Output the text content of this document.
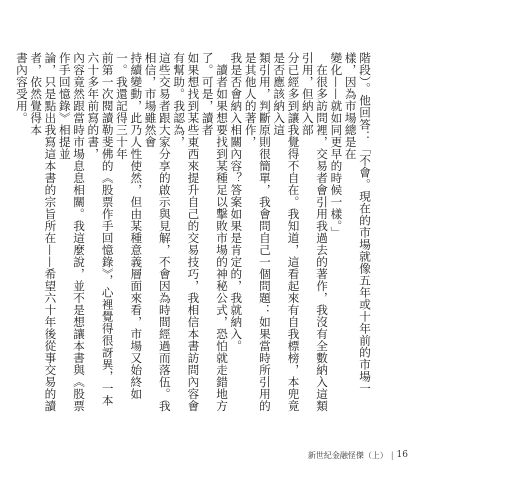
階段）。他回答：「不會。現在的市場就像五年或十年前的市場一樣，因為市場總是在

變化——就如同更早的時候一樣。」

　在很多訪問裡，交易者會引用我過去的著作，我沒有全數納入這類引用，但納入部

分已經多到讓我覺得不自在。我知道，這看起來有自我標榜，本兜竟是否應該納入這

類引用，判斷原則很簡單，我會問自己一個問題：如果當時所引用的是其他人的著作，

我是否會納入相關內容？答案如果是肯定的，我就納入。

　讀者如果想要找到某種足以擊敗市場的神秘公式，恐怕就走錯地方了。可是，讀者

如果想找到某些東西來提升自己的交易技巧，我相信本書訪問內容會有幫助。我認為，

這些交易者跟大家分享的啟示與見解，不會因為時間經過而落伍。我相信，市場雖然會

持續變動，此乃人性使然，但由某種意義層面來看，市場又始終如一。我還記得三十年

前第一次閱讀勒斐佛的《股票作手回憶錄》，心裡覺得很訝異，一本六十多年前寫的書，

內容竟然跟當時市場息息相關。我這麼說，並不是想讓本書與《股票作手回憶錄》相提並

論，只是點出我寫這本書的宗旨所在——希望六十年後從事交易的讀者，依然覺得本

書內容受用。

新世紀金融怪傑（上） | 16
